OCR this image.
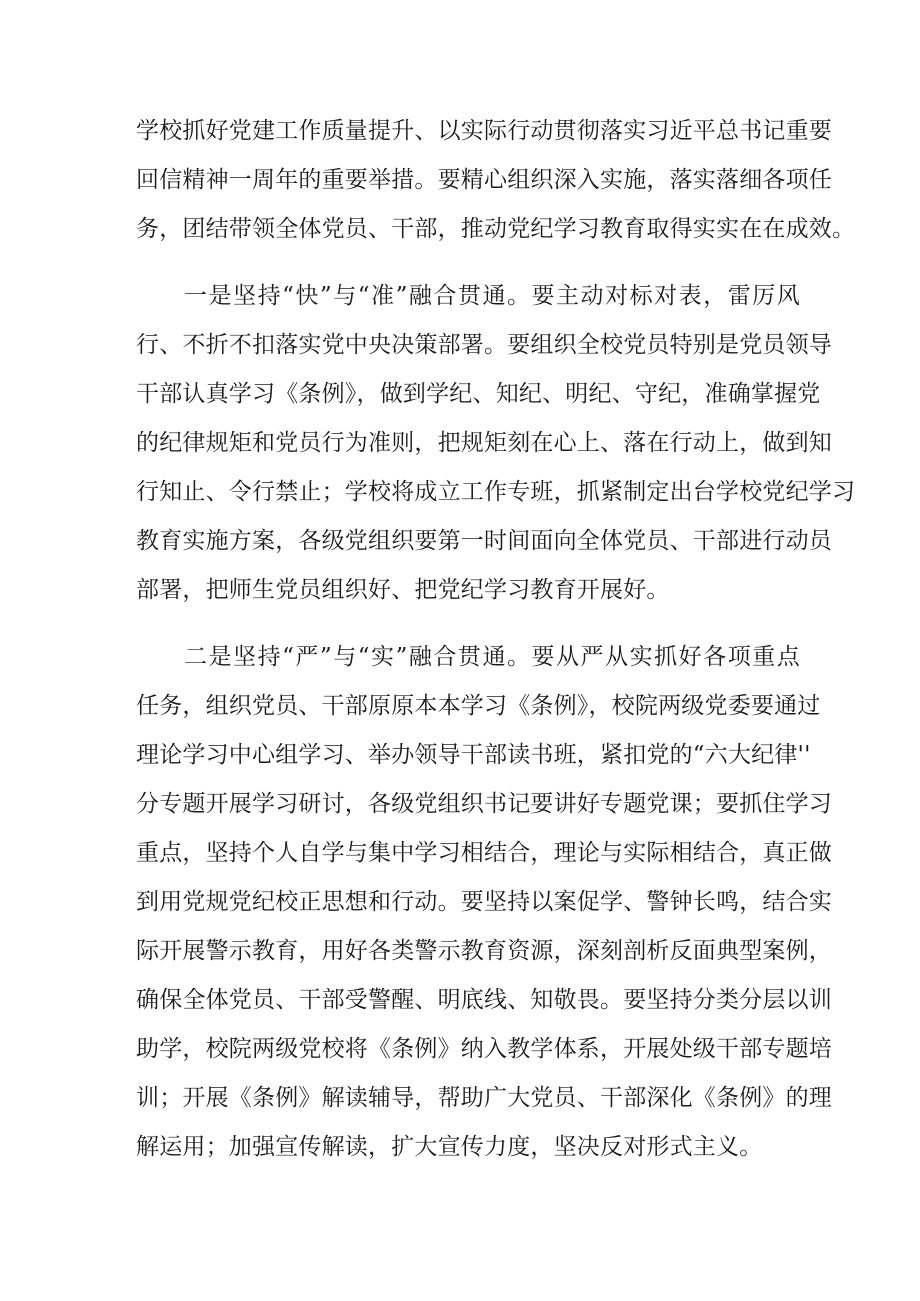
学校抓好党建工作质量提升、以实际行动贯彻落实习近平总书记重要
回信精神一周年的重要举措。要精心组织深入实施，落实落细各项任
务，团结带领全体党员、干部，推动党纪学习教育取得实实在在成效。
一是坚持“快”与“准”融合贯通。要主动对标对表，雷厉风
行、不折不扣落实党中央决策部署。要组织全校党员特别是党员领导
干部认真学习《条例》，做到学纪、知纪、明纪、守纪，准确掌握党
的纪律规矩和党员行为准则，把规矩刻在心上、落在行动上，做到知
行知止、令行禁止；学校将成立工作专班，抓紧制定出台学校党纪学习
教育实施方案，各级党组织要第一时间面向全体党员、干部进行动员
部署，把师生党员组织好、把党纪学习教育开展好。
二是坚持“严”与“实”融合贯通。要从严从实抓好各项重点
任务，组织党员、干部原原本本学习《条例》，校院两级党委要通过
理论学习中心组学习、举办领导干部读书班，紧扣党的“六大纪律''
分专题开展学习研讨，各级党组织书记要讲好专题党课；要抓住学习
重点，坚持个人自学与集中学习相结合，理论与实际相结合，真正做
到用党规党纪校正思想和行动。要坚持以案促学、警钟长鸣，结合实
际开展警示教育，用好各类警示教育资源，深刻剖析反面典型案例，
确保全体党员、干部受警醒、明底线、知敬畏。要坚持分类分层以训
助学，校院两级党校将《条例》纳入教学体系，开展处级干部专题培
训；开展《条例》解读辅导，帮助广大党员、干部深化《条例》的理
解运用；加强宣传解读，扩大宣传力度，坚决反对形式主义。
